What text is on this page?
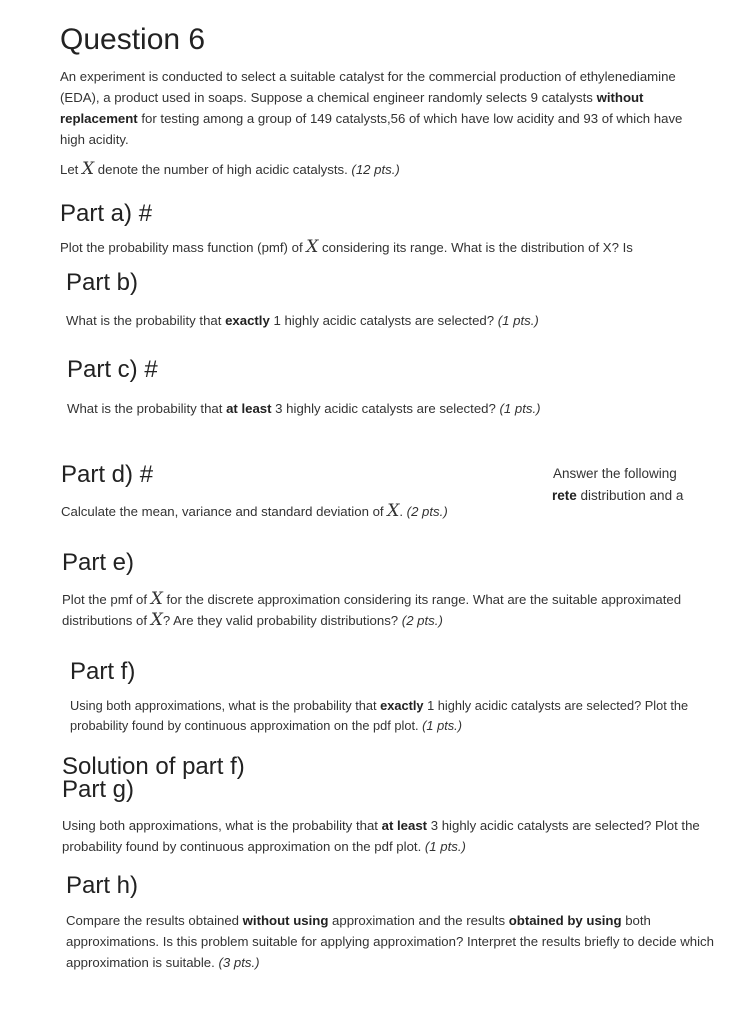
Question 6
An experiment is conducted to select a suitable catalyst for the commercial production of ethylenediamine (EDA), a product used in soaps. Suppose a chemical engineer randomly selects 9 catalysts without replacement for testing among a group of 149 catalysts,56 of which have low acidity and 93 of which have high acidity.
Let X denote the number of high acidic catalysts. (12 pts.)
Part a) #
Plot the probability mass function (pmf) of X considering its range. What is the distribution of X? Is
Part b)
What is the probability that exactly 1 highly acidic catalysts are selected? (1 pts.)
Part c) #
What is the probability that at least 3 highly acidic catalysts are selected? (1 pts.)
Part d) #
Calculate the mean, variance and standard deviation of X. (2 pts.)
Answer the following
rete distribution and a
Part e)
Plot the pmf of X for the discrete approximation considering its range. What are the suitable approximated distributions of X? Are they valid probability distributions? (2 pts.)
Part f)
Using both approximations, what is the probability that exactly 1 highly acidic catalysts are selected? Plot the probability found by continuous approximation on the pdf plot. (1 pts.)
Solution of part f)
Part g)
Using both approximations, what is the probability that at least 3 highly acidic catalysts are selected? Plot the probability found by continuous approximation on the pdf plot. (1 pts.)
Part h)
Compare the results obtained without using approximation and the results obtained by using both approximations. Is this problem suitable for applying approximation? Interpret the results briefly to decide which approximation is suitable. (3 pts.)
